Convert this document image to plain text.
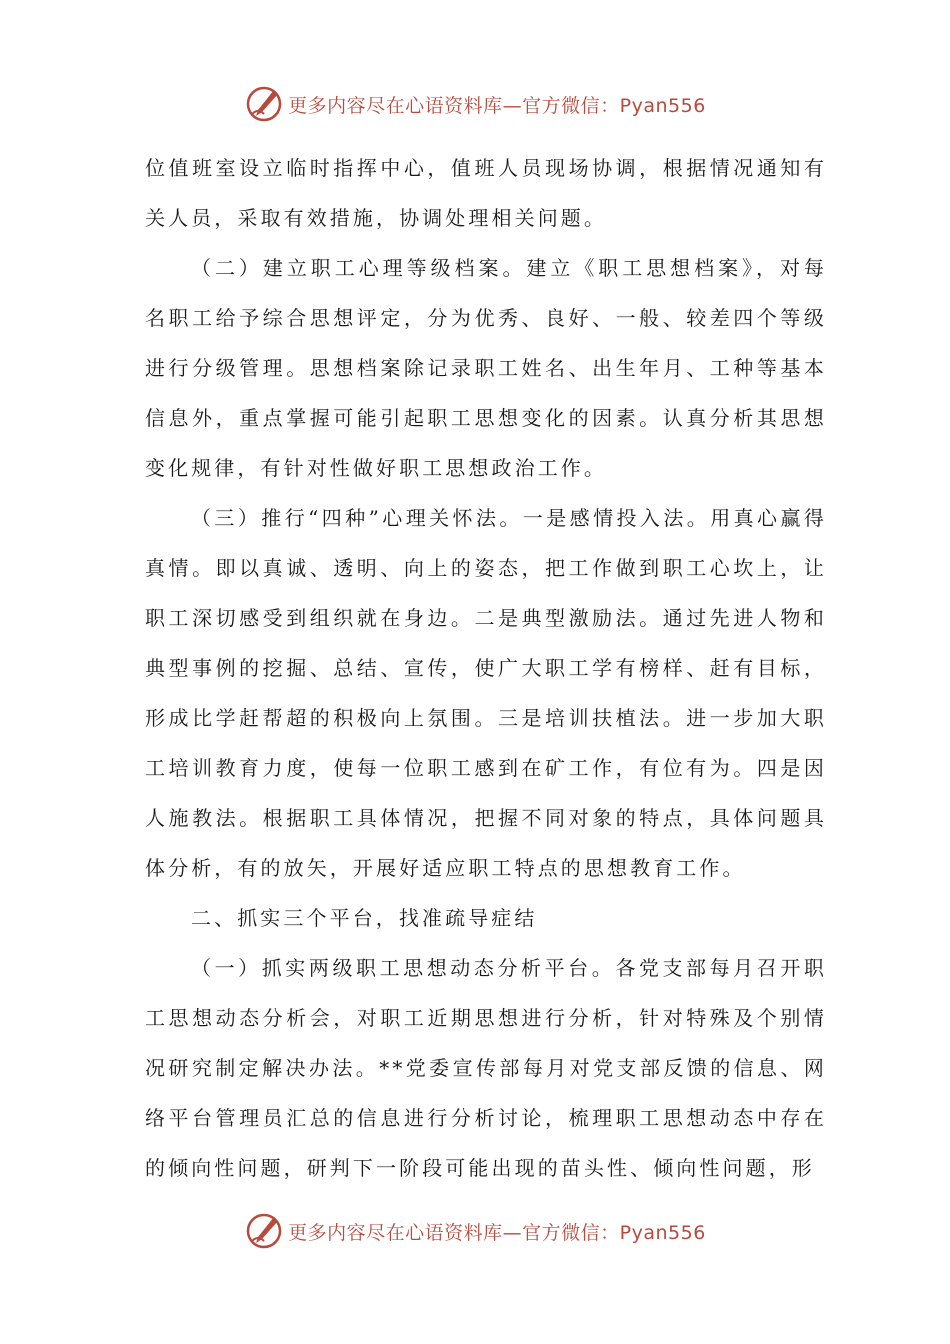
更多内容尽在心语资料库—官方微信：Pyan556

位值班室设立临时指挥中心，值班人员现场协调，根据情况通知有关人员，采取有效措施，协调处理相关问题。

（二）建立职工心理等级档案。建立《职工思想档案》，对每名职工给予综合思想评定，分为优秀、良好、一般、较差四个等级进行分级管理。思想档案除记录职工姓名、出生年月、工种等基本信息外，重点掌握可能引起职工思想变化的因素。认真分析其思想变化规律，有针对性做好职工思想政治工作。

（三）推行“四种”心理关怀法。一是感情投入法。用真心赢得真情。即以真诚、透明、向上的姿态，把工作做到职工心坎上，让职工深切感受到组织就在身边。二是典型激励法。通过先进人物和典型事例的挖掘、总结、宣传，使广大职工学有榜样、赶有目标，形成比学赶帮超的积极向上氛围。三是培训扶植法。进一步加大职工培训教育力度，使每一位职工感到在矿工作，有位有为。四是因人施教法。根据职工具体情况，把握不同对象的特点，具体问题具体分析，有的放矢，开展好适应职工特点的思想教育工作。

二、抓实三个平台，找准疏导症结

（一）抓实两级职工思想动态分析平台。各党支部每月召开职工思想动态分析会，对职工近期思想进行分析，针对特殊及个别情况研究制定解决办法。**党委宣传部每月对党支部反馈的信息、网络平台管理员汇总的信息进行分析讨论，梳理职工思想动态中存在的倾向性问题，研判下一阶段可能出现的苗头性、倾向性问题，形

更多内容尽在心语资料库—官方微信：Pyan556
